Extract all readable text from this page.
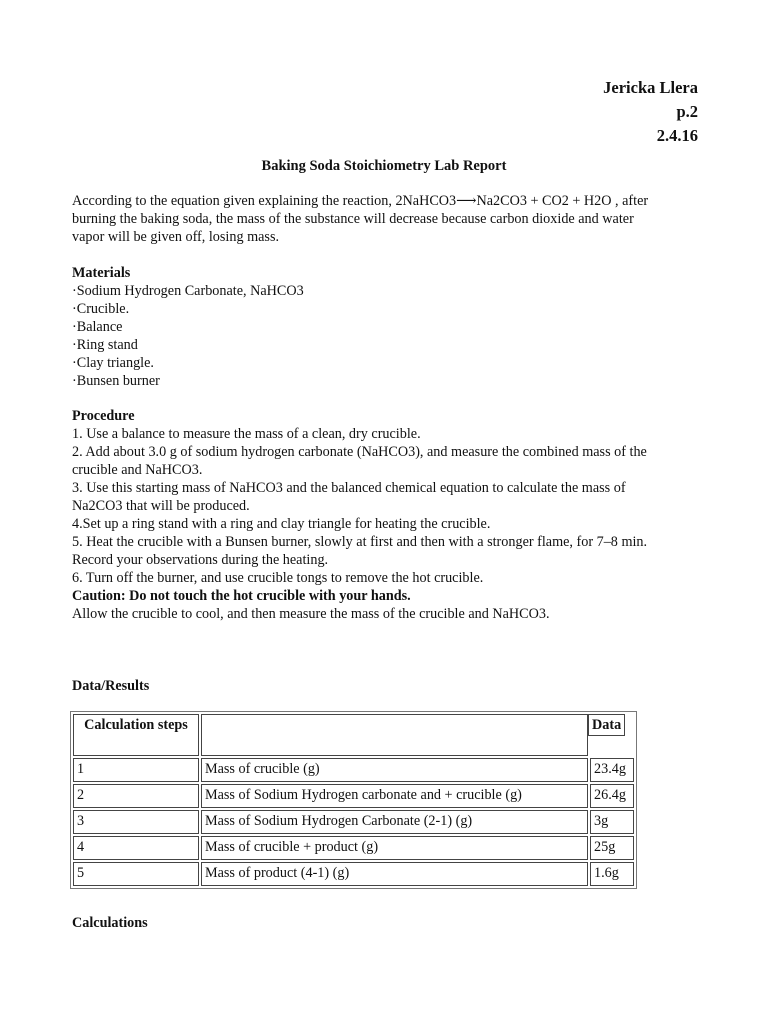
Jericka Llera
p.2
2.4.16
Baking Soda Stoichiometry Lab Report
According to the equation given explaining the reaction, 2NaHCO3⟶Na2CO3 + CO2 + H2O , after
burning the baking soda, the mass of the substance will decrease because carbon dioxide and water
vapor will be given off, losing mass.
Materials
·Sodium Hydrogen Carbonate, NaHCO3
·Crucible.
·Balance
·Ring stand
·Clay triangle.
·Bunsen burner
Procedure
1. Use a balance to measure the mass of a clean, dry crucible.
2. Add about 3.0 g of sodium hydrogen carbonate (NaHCO3), and measure the combined mass of the
crucible and NaHCO3.
3. Use this starting mass of NaHCO3 and the balanced chemical equation to calculate the mass of
Na2CO3 that will be produced.
4.Set up a ring stand with a ring and clay triangle for heating the crucible.
5. Heat the crucible with a Bunsen burner, slowly at first and then with a stronger flame, for 7–8 min.
Record your observations during the heating.
6. Turn off the burner, and use crucible tongs to remove the hot crucible.
Caution: Do not touch the hot crucible with your hands.
Allow the crucible to cool, and then measure the mass of the crucible and NaHCO3.
Data/Results
Calculation steps		Data
1	Mass of crucible (g)	23.4g
2	Mass of Sodium Hydrogen carbonate and + crucible (g)	26.4g
3	Mass of Sodium Hydrogen Carbonate (2-1) (g)	3g
4	Mass of crucible + product (g)	25g
5	Mass of product (4-1) (g)	1.6g
Calculations
